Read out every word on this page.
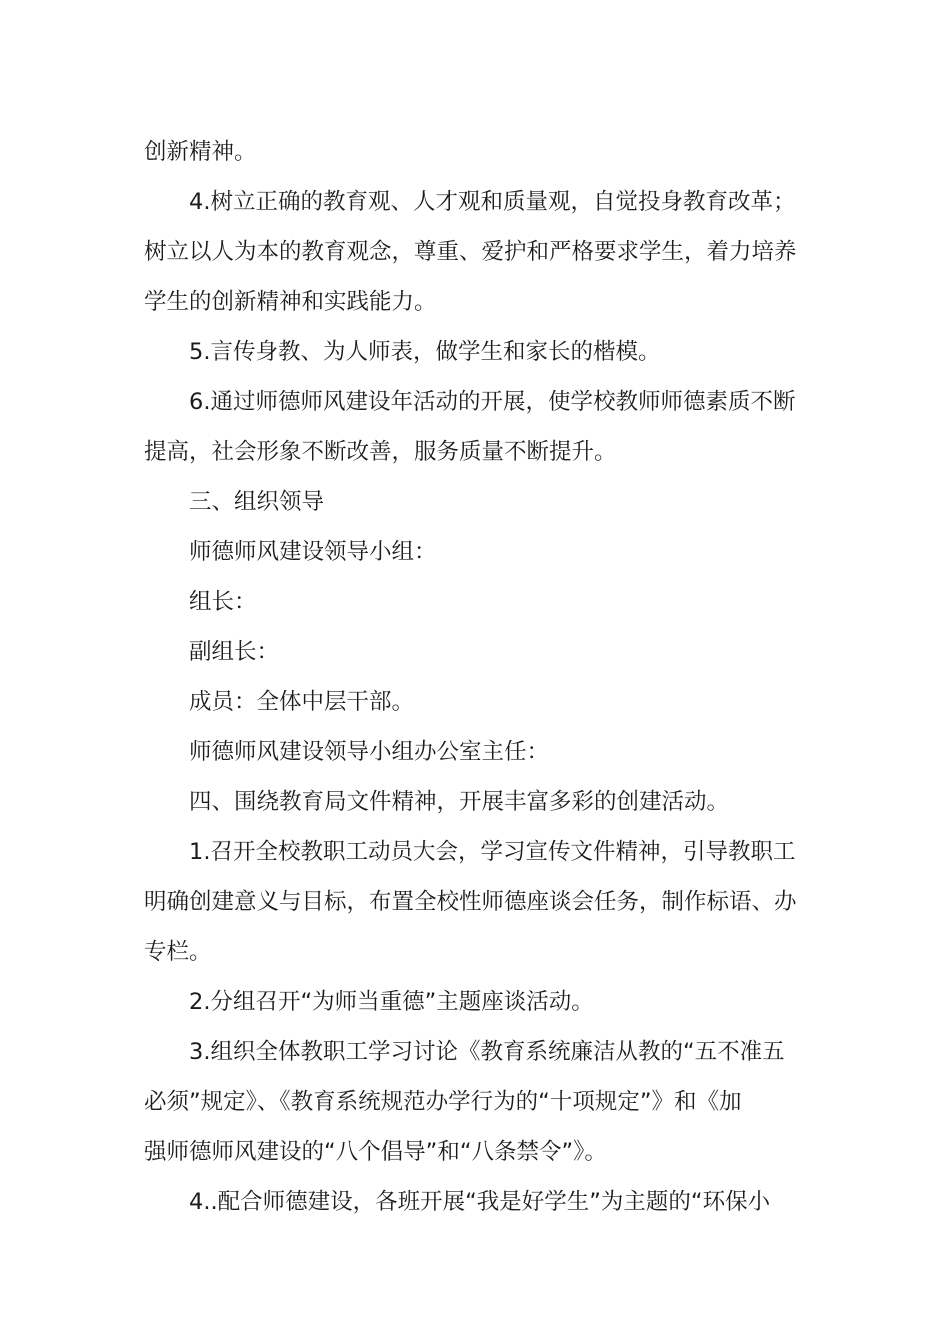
创新精神。
4.树立正确的教育观、人才观和质量观，自觉投身教育改革；
树立以人为本的教育观念，尊重、爱护和严格要求学生，着力培养
学生的创新精神和实践能力。
5.言传身教、为人师表，做学生和家长的楷模。
6.通过师德师风建设年活动的开展，使学校教师师德素质不断
提高，社会形象不断改善，服务质量不断提升。
三、组织领导
师德师风建设领导小组：
组长：
副组长：
成员：全体中层干部。
师德师风建设领导小组办公室主任：
四、围绕教育局文件精神，开展丰富多彩的创建活动。
1.召开全校教职工动员大会，学习宣传文件精神，引导教职工
明确创建意义与目标，布置全校性师德座谈会任务，制作标语、办
专栏。
2.分组召开“为师当重德”主题座谈活动。
3.组织全体教职工学习讨论《教育系统廉洁从教的“五不准五
必须”规定》、《教育系统规范办学行为的“十项规定”》和《加
强师德师风建设的“八个倡导”和“八条禁令”》。
4..配合师德建设，各班开展“我是好学生”为主题的“环保小
